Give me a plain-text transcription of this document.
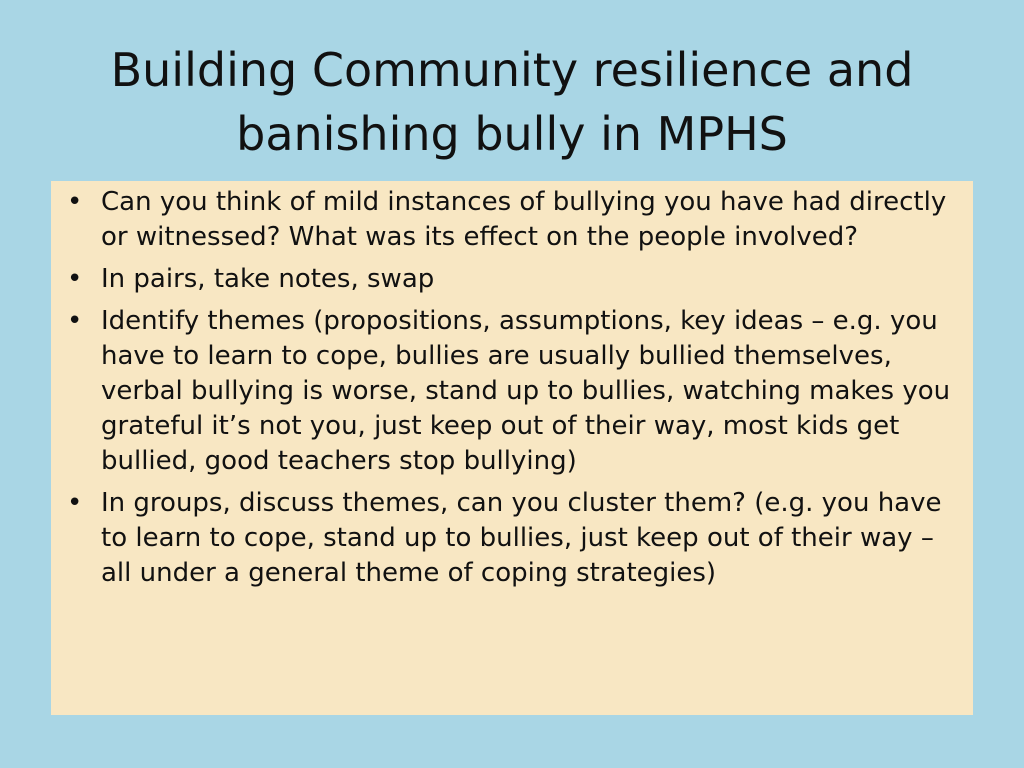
Building Community resilience and
banishing bully in MPHS
• Can you think of mild instances of bullying you have had directly or witnessed? What was its effect on the people involved?
• In pairs, take notes, swap
• Identify themes (propositions, assumptions, key ideas – e.g. you have to learn to cope, bullies are usually bullied themselves, verbal bullying is worse, stand up to bullies, watching makes you grateful it’s not you, just keep out of their way, most kids get bullied, good teachers stop bullying)
• In groups, discuss themes, can you cluster them? (e.g. you have to learn to cope, stand up to bullies, just keep out of their way – all under a general theme of coping strategies)
